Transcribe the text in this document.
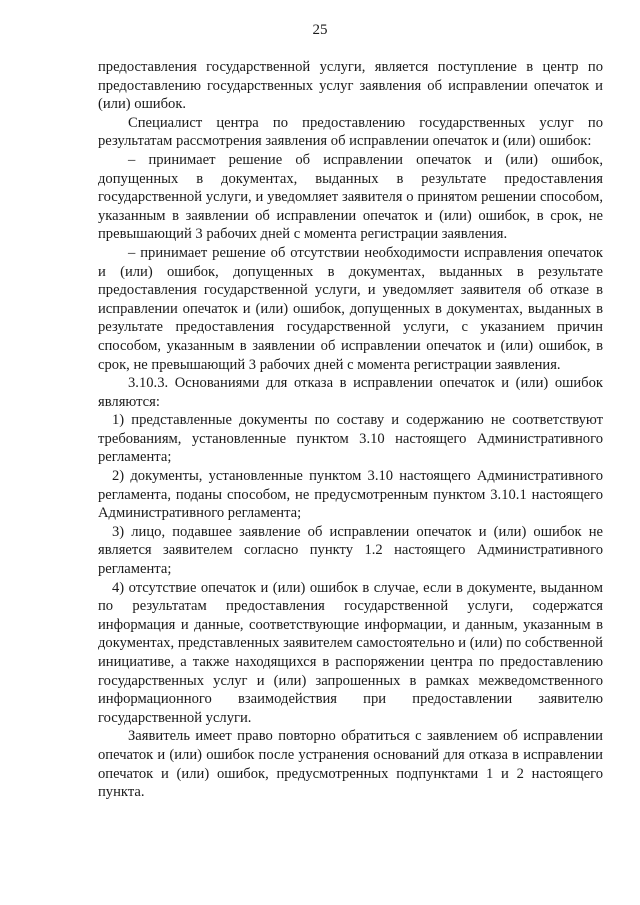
25

предоставления государственной услуги, является поступление в центр по предоставлению государственных услуг заявления об исправлении опечаток и (или) ошибок.

Специалист центра по предоставлению государственных услуг по результатам рассмотрения заявления об исправлении опечаток и (или) ошибок:

– принимает решение об исправлении опечаток и (или) ошибок, допущенных в документах, выданных в результате предоставления государственной услуги, и уведомляет заявителя о принятом решении способом, указанным в заявлении об исправлении опечаток и (или) ошибок, в срок, не превышающий 3 рабочих дней с момента регистрации заявления.

– принимает решение об отсутствии необходимости исправления опечаток и (или) ошибок, допущенных в документах, выданных в результате предоставления государственной услуги, и уведомляет заявителя об отказе в исправлении опечаток и (или) ошибок, допущенных в документах, выданных в результате предоставления государственной услуги, с указанием причин способом, указанным в заявлении об исправлении опечаток и (или) ошибок, в срок, не превышающий 3 рабочих дней с момента регистрации заявления.

3.10.3. Основаниями для отказа в исправлении опечаток и (или) ошибок являются:

1) представленные документы по составу и содержанию не соответствуют требованиям, установленные пунктом 3.10 настоящего Административного регламента;

2) документы, установленные пунктом 3.10 настоящего Административного регламента, поданы способом, не предусмотренным пунктом 3.10.1 настоящего Административного регламента;

3) лицо, подавшее заявление об исправлении опечаток и (или) ошибок не является заявителем согласно пункту 1.2 настоящего Административного регламента;

4) отсутствие опечаток и (или) ошибок в случае, если в документе, выданном по результатам предоставления государственной услуги, содержатся информация и данные, соответствующие информации, и данным, указанным в документах, представленных заявителем самостоятельно и (или) по собственной инициативе, а также находящихся в распоряжении центра по предоставлению государственных услуг и (или) запрошенных в рамках межведомственного информационного взаимодействия при предоставлении заявителю государственной услуги.

Заявитель имеет право повторно обратиться с заявлением об исправлении опечаток и (или) ошибок после устранения оснований для отказа в исправлении опечаток и (или) ошибок, предусмотренных подпунктами 1 и 2 настоящего пункта.
